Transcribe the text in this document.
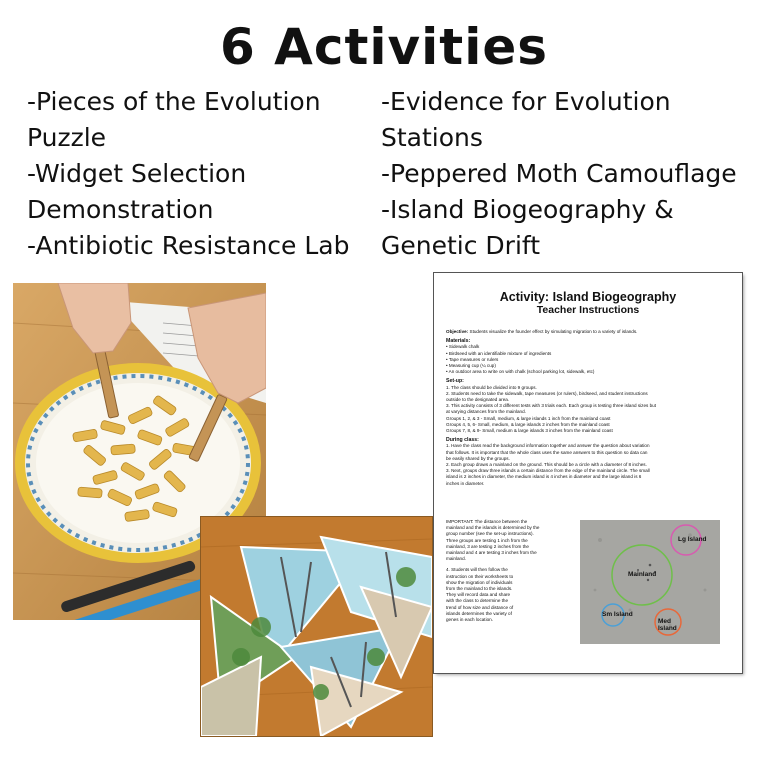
6 Activities
-Pieces of the Evolution
Puzzle
-Widget Selection
Demonstration
-Antibiotic Resistance Lab
-Evidence for Evolution
Stations
-Peppered Moth Camouflage
-Island Biogeography &
Genetic Drift
Activity: Island Biogeography
Teacher Instructions
Objective: Students visualize the founder effect by simulating migration to a variety of islands.
Materials:
• Sidewalk chalk
• Birdseed with an identifiable mixture of ingredients
• Tape measures or rulers
• Measuring cup (¼ cup)
• An outdoor area to write on with chalk (school parking lot, sidewalk, etc)
Set-up:
1. The class should be divided into 9 groups.
2. Students need to take the sidewalk, tape measures (or rulers), birdseed, and student instructions
outside to the designated area.
3. This activity consists of 3 different tests with 3 trials each. Each group is testing three island sizes but
at varying distances from the mainland.
Groups 1, 2, & 3 - Small, medium, & large islands 1 inch from the mainland coast
Groups 4, 5, 6- Small, medium, & large islands 2 inches from the mainland coast
Groups 7, 8, & 9- Small, medium & large islands 3 inches from the mainland coast
During class:
1. Have the class read the background information together and answer the question about variation
that follows. It is important that the whole class uses the same answers to this question so data can
be easily shared by the groups.
2. Each group draws a mainland on the ground. This should be a circle with a diameter of 8 inches.
3. Next, groups draw three islands a certain distance from the edge of the mainland circle. The small
island is 2 inches in diameter, the medium island is 4 inches in diameter and the large island is 6
inches in diameter.
IMPORTANT: The distance between the
mainland and the islands is determined by the
group number (see the set-up instructions).
Three groups are testing 1 inch from the
mainland, 3 are testing 2 inches from the
mainland and 4 are testing 3 inches from the
mainland.
4. Students will then follow the
instruction on their worksheets to
show the migration of individuals
from the mainland to the islands.
They will record data and share
with the class to determine the
trend of how size and distance of
islands determines the variety of
genes in each location.
Lg Island
Mainland
Sm Island
Med Island
